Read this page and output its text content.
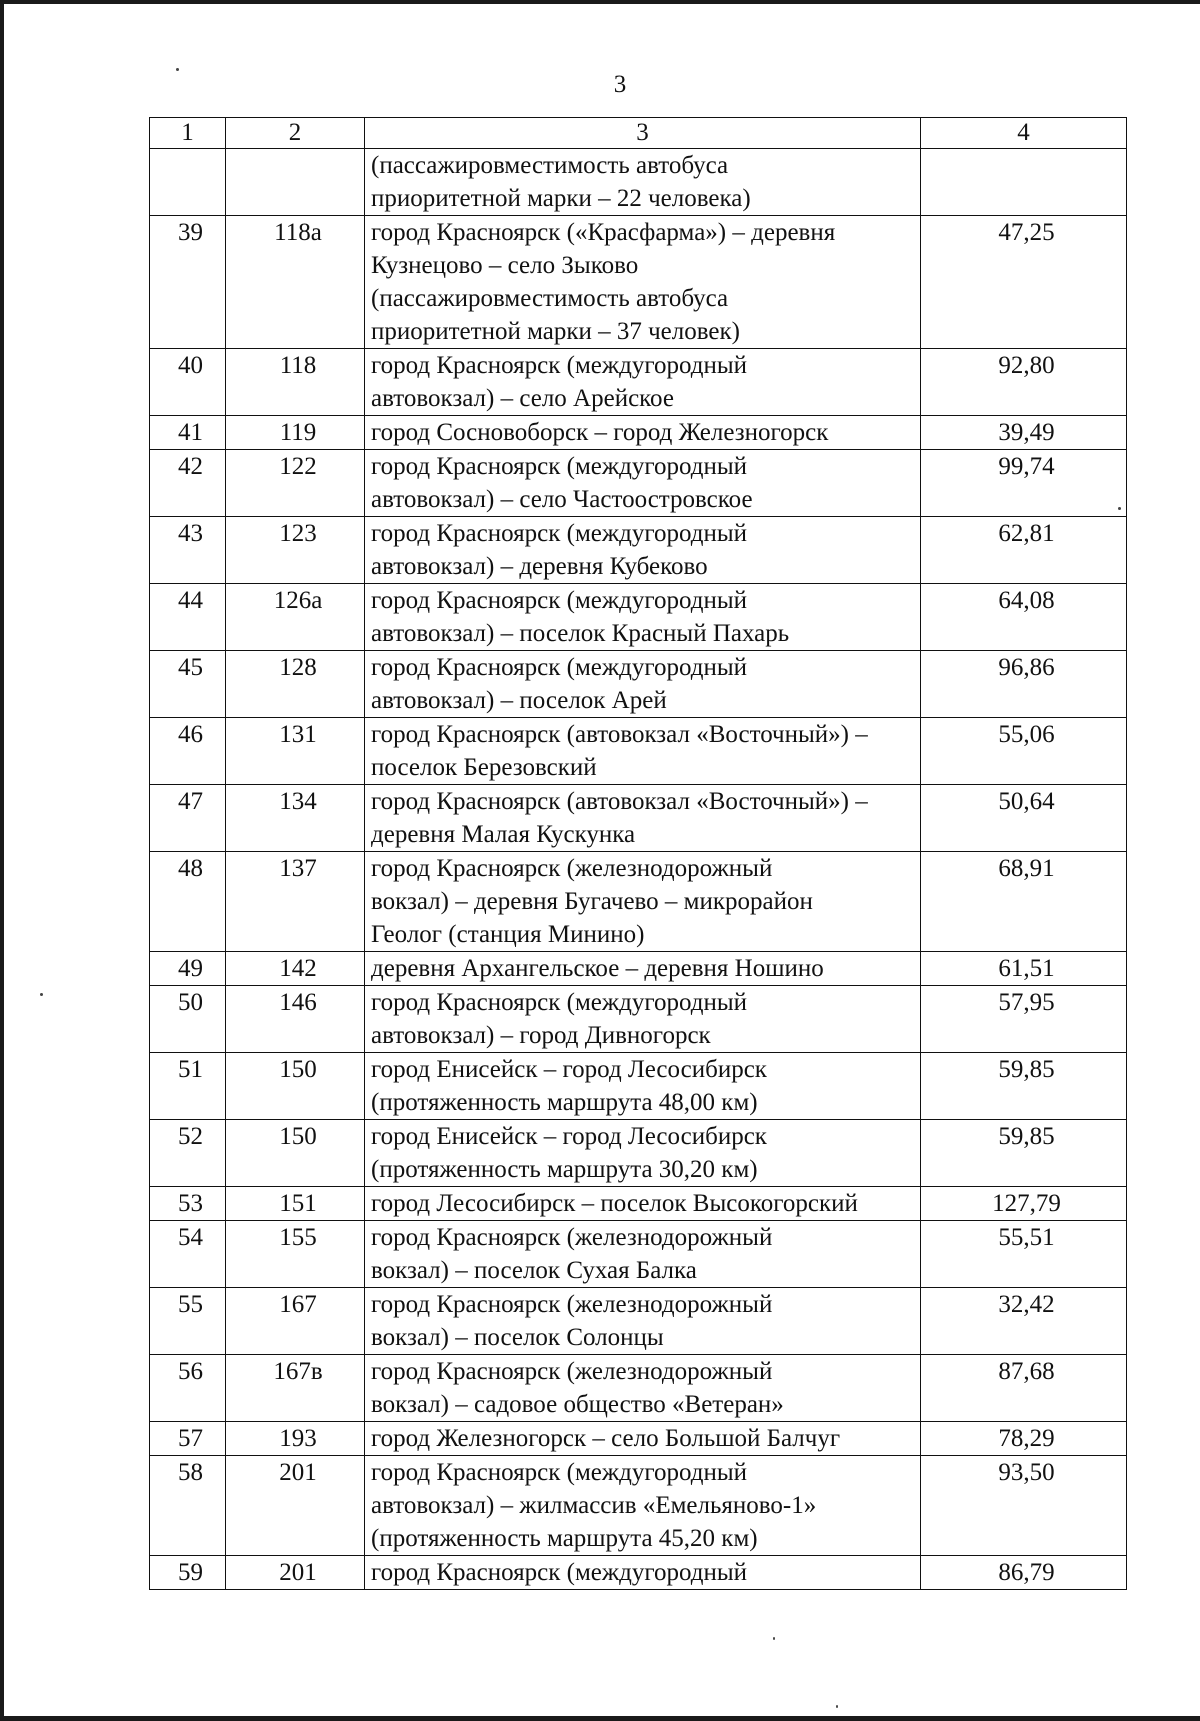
3
1	2	3	4

		(пассажировместимость автобуса
приоритетной марки – 22 человека)	

39	118а	город Красноярск («Красфарма») – деревня
Кузнецово – село Зыково
(пассажировместимость автобуса
приоритетной марки – 37 человек)	47,25
40	118	город Красноярск (междугородный
автовокзал) – село Арейское	92,80
41	119	город Сосновоборск – город Железногорск	39,49
42	122	город Красноярск (междугородный
автовокзал) – село Частоостровское	99,74
43	123	город Красноярск (междугородный
автовокзал) – деревня Кубеково	62,81
44	126а	город Красноярск (междугородный
автовокзал) – поселок Красный Пахарь	64,08
45	128	город Красноярск (междугородный
автовокзал) – поселок Арей	96,86
46	131	город Красноярск (автовокзал «Восточный») –
поселок Березовский	55,06
47	134	город Красноярск (автовокзал «Восточный») –
деревня Малая Кускунка	50,64
48	137	город Красноярск (железнодорожный
вокзал) – деревня Бугачево – микрорайон
Геолог (станция Минино)	68,91
49	142	деревня Архангельское – деревня Ношино	61,51
50	146	город Красноярск (междугородный
автовокзал) – город Дивногорск	57,95
51	150	город Енисейск – город Лесосибирск
(протяженность маршрута 48,00 км)	59,85
52	150	город Енисейск – город Лесосибирск
(протяженность маршрута 30,20 км)	59,85
53	151	город Лесосибирск – поселок Высокогорский	127,79
54	155	город Красноярск (железнодорожный
вокзал) – поселок Сухая Балка	55,51
55	167	город Красноярск (железнодорожный
вокзал) – поселок Солонцы	32,42
56	167в	город Красноярск (железнодорожный
вокзал) – садовое общество «Ветеран»	87,68
57	193	город Железногорск – село Большой Балчуг	78,29
58	201	город Красноярск (междугородный
автовокзал) – жилмассив «Емельяново-1»
(протяженность маршрута 45,20 км)	93,50
59	201	город Красноярск (междугородный	86,79
